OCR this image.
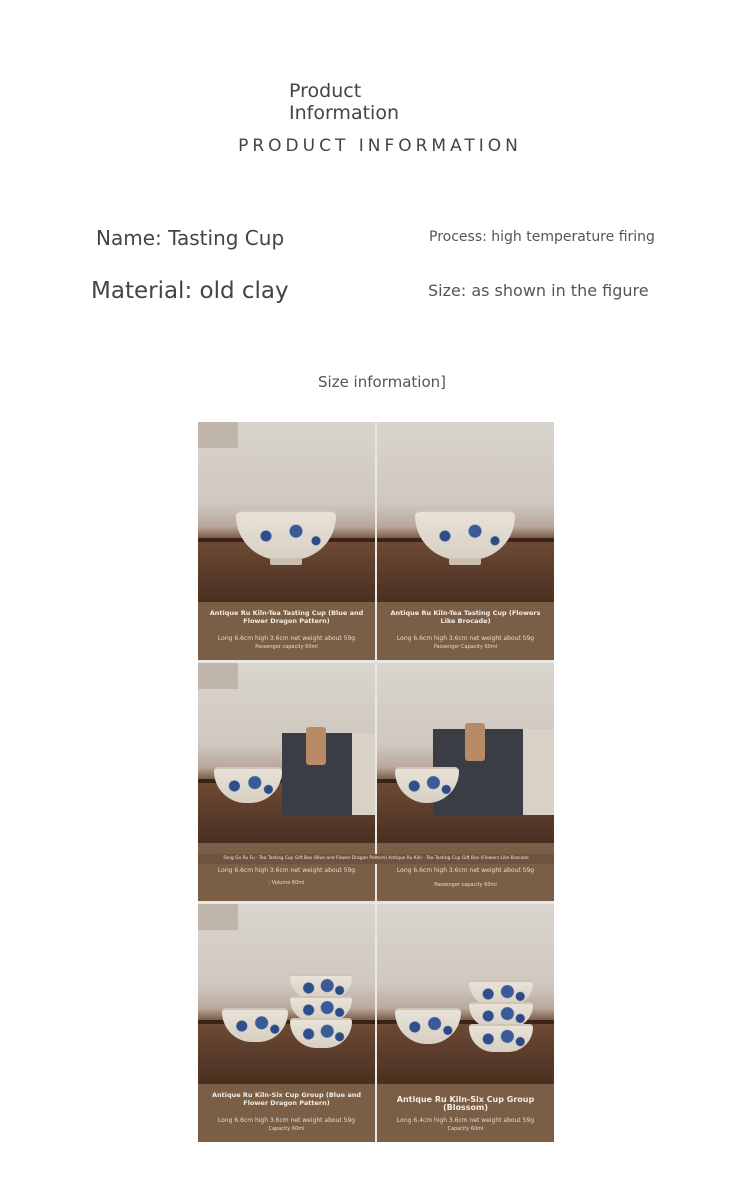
Product Information
PRODUCT INFORMATION
Name: Tasting Cup
Material: old clay
Process: high temperature firing
Size: as shown in the figure
Size information]
Antique Ru Kiln-Tea Tasting Cup (Blue and Flower Dragon Pattern)
Long 6.6cm high 3.6cm net weight about 59g
Passenger capacity 60ml
Antique Ru Kiln-Tea Tasting Cup (Flowers Like Brocade)
Long 6.6cm high 3.6cm net weight about 59g
Passenger Capacity 60ml
Long 6.6cm high 3.6cm net weight about 59g
; Volume 60ml
Long 6.6cm high 3.6cm net weight about 59g
Passenger capacity 60ml
Fang Gu Ru Fu - Tea Tasting Cup Gift Box (Blue and Flower Dragon Pattern) Antique Ru Kiln - Tea Tasting Cup Gift Box (Flowers Like Brocade
Antique Ru Kiln-Six Cup Group (Blue and Flower Dragon Pattern)
Long 6.6cm high 3.6cm net weight about 59g
Capacity 60ml
Antique Ru Kiln-Six Cup Group (Blossom)
Long 6.4cm high 3.6cm net weight about 59g
Capacity 60ml
